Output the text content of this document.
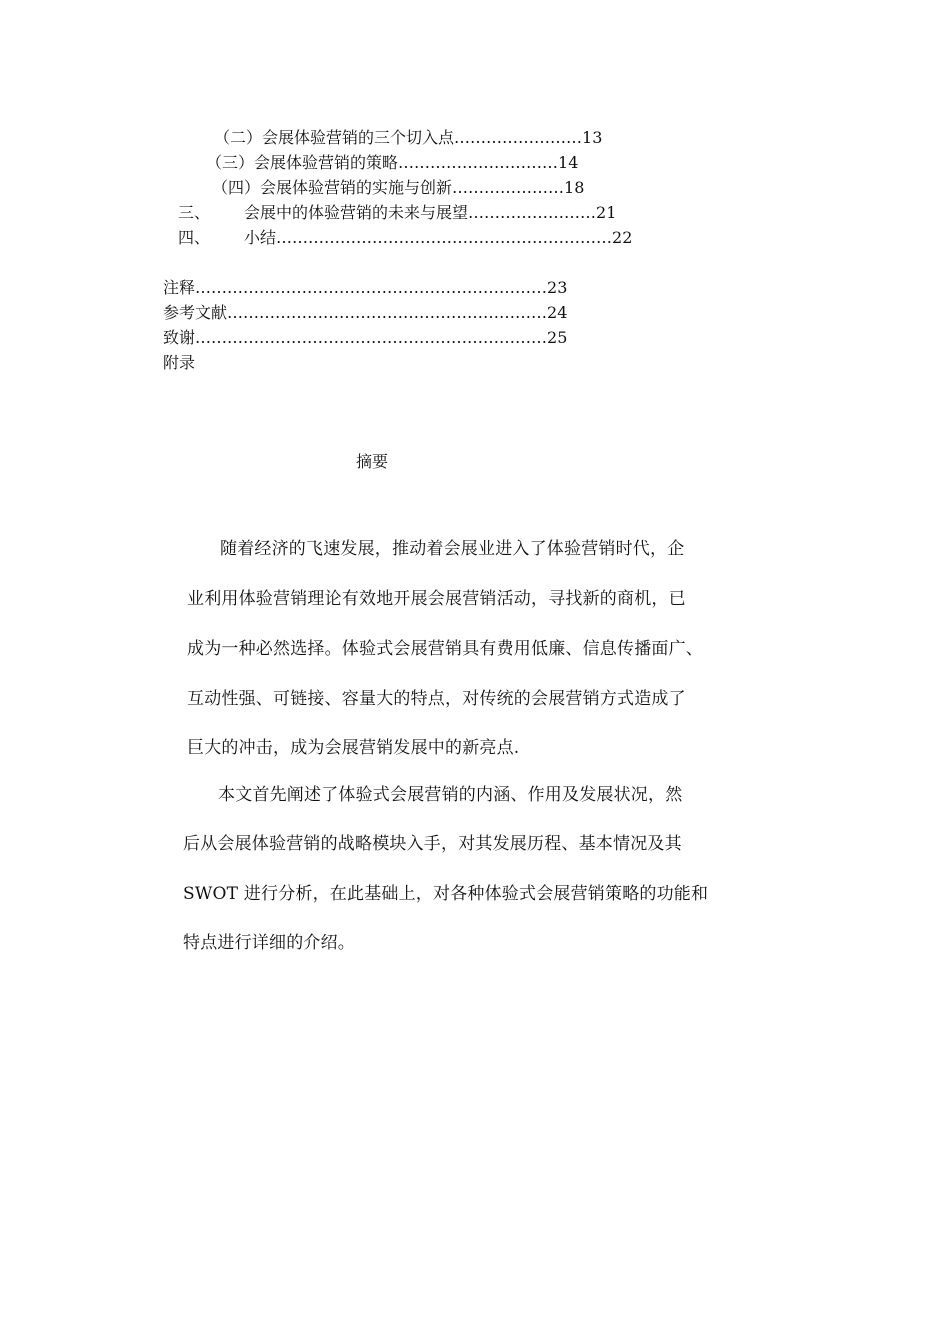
（二）会展体验营销的三个切入点……………………13
（三）会展体验营销的策略…………………………14
（四）会展体验营销的实施与创新…………………18
三、 会展中的体验营销的未来与展望……………………21
四、 小结………………………………………………………22
注释…………………………………………………………23
参考文献……………………………………………………24
致谢…………………………………………………………25
附录
摘要
随着经济的飞速发展，推动着会展业进入了体验营销时代，企
业利用体验营销理论有效地开展会展营销活动，寻找新的商机，已
成为一种必然选择。体验式会展营销具有费用低廉、信息传播面广、
互动性强、可链接、容量大的特点，对传统的会展营销方式造成了
巨大的冲击，成为会展营销发展中的新亮点.
本文首先阐述了体验式会展营销的内涵、作用及发展状况，然
后从会展体验营销的战略模块入手，对其发展历程、基本情况及其
SWOT 进行分析，在此基础上，对各种体验式会展营销策略的功能和
特点进行详细的介绍。
